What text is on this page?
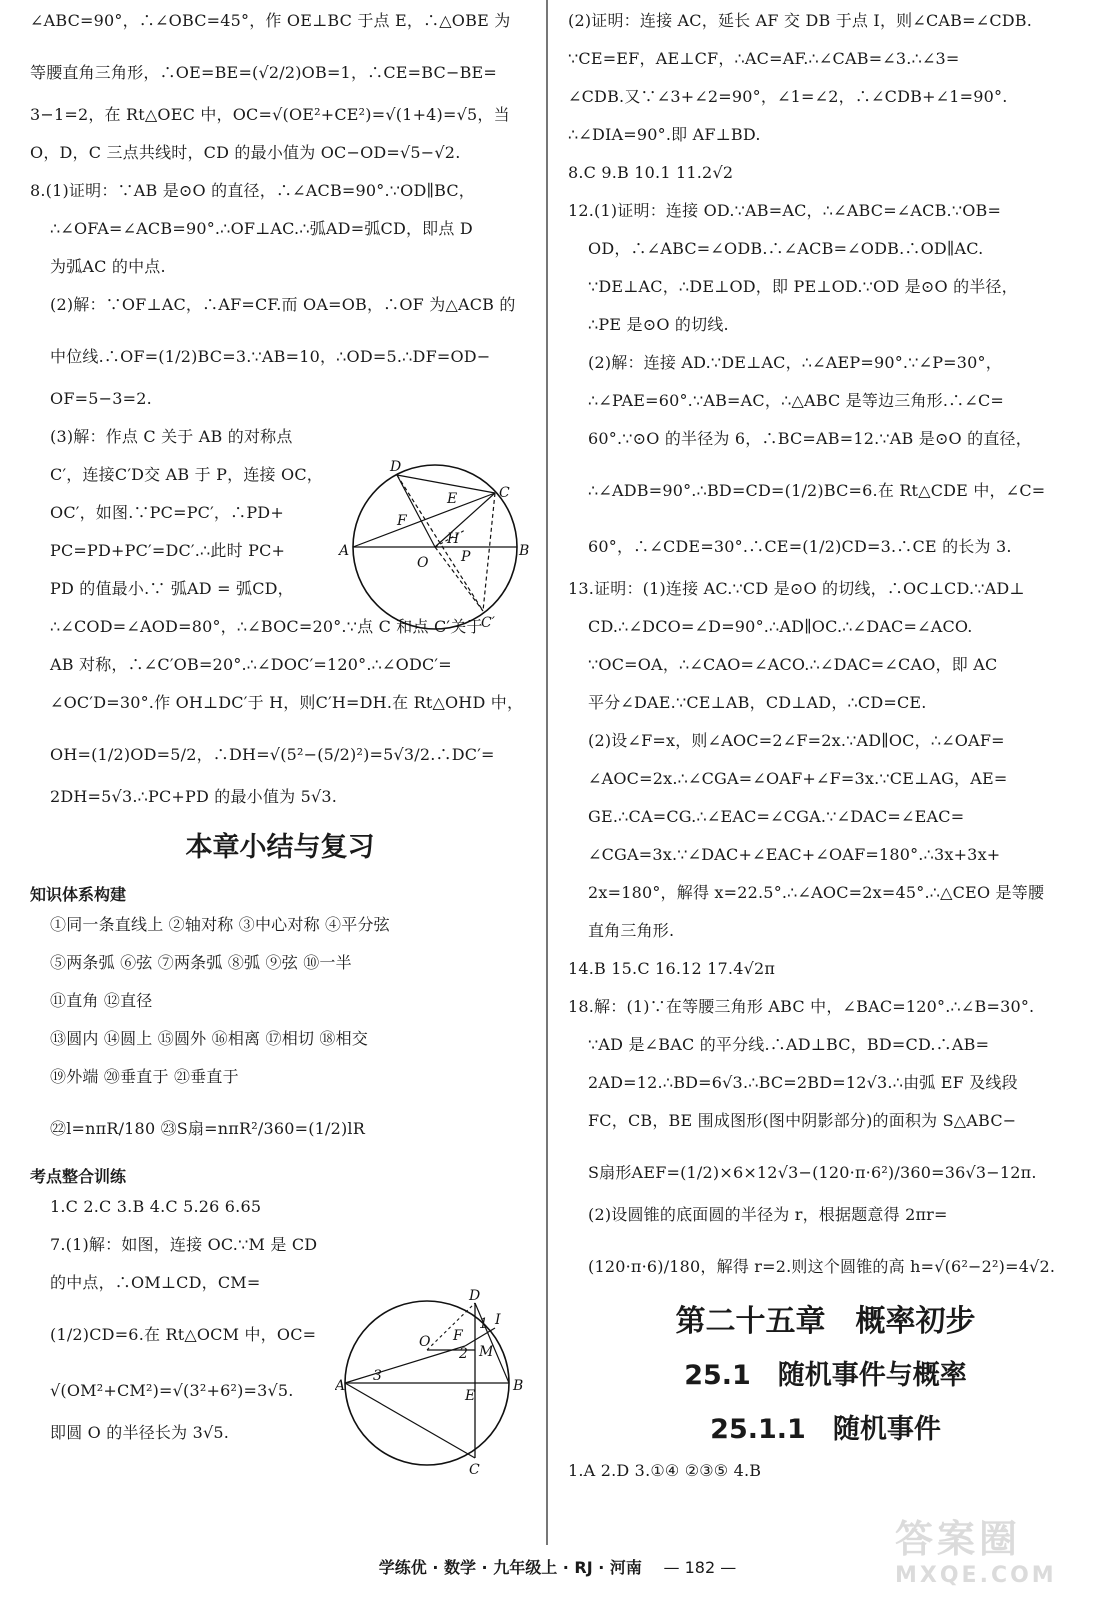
∠ABC=90°，∴∠OBC=45°，作 OE⊥BC 于点 E，∴△OBE 为
等腰直角三角形，∴OE=BE=(√2/2)OB=1，∴CE=BC−BE=
3−1=2，在 Rt△OEC 中，OC=√(OE²+CE²)=√(1+4)=√5，当
O，D，C 三点共线时，CD 的最小值为 OC−OD=√5−√2.
8.(1)证明：∵AB 是⊙O 的直径，∴∠ACB=90°.∵OD∥BC，
∴∠OFA=∠ACB=90°.∴OF⊥AC.∴弧AD=弧CD，即点 D
为弧AC 的中点.
(2)解：∵OF⊥AC，∴AF=CF.而 OA=OB，∴OF 为△ACB 的
中位线.∴OF=(1/2)BC=3.∵AB=10，∴OD=5.∴DF=OD−
OF=5−3=2.
(3)解：作点 C 关于 AB 的对称点
C′，连接C′D交 AB 于 P，连接 OC，
OC′，如图.∵PC=PC′，∴PD+
PC=PD+PC′=DC′.∴此时 PC+
PD 的值最小.∵ 弧AD = 弧CD，
∴∠COD=∠AOD=80°，∴∠BOC=20°.∵点 C 和点 C′关于
AB 对称，∴∠C′OB=20°.∴∠DOC′=120°.∴∠ODC′=
∠OC′D=30°.作 OH⊥DC′于 H，则C′H=DH.在 Rt△OHD 中，
OH=(1/2)OD=5/2，∴DH=√(5²−(5/2)²)=5√3/2.∴DC′=
2DH=5√3.∴PC+PD 的最小值为 5√3.
本章小结与复习
知识体系构建
①同一条直线上 ②轴对称 ③中心对称 ④平分弦
⑤两条弧 ⑥弦 ⑦两条弧 ⑧弧 ⑨弦 ⑩一半
⑪直角 ⑫直径
⑬圆内 ⑭圆上 ⑮圆外 ⑯相离 ⑰相切 ⑱相交
⑲外端 ⑳垂直于 ㉑垂直于
㉒l=nπR/180 ㉓S扇=nπR²/360=(1/2)lR
考点整合训练
1.C 2.C 3.B 4.C 5.26 6.65
7.(1)解：如图，连接 OC.∵M 是 CD
的中点，∴OM⊥CD，CM=
(1/2)CD=6.在 Rt△OCM 中，OC=
√(OM²+CM²)=√(3²+6²)=3√5.
即圆 O 的半径长为 3√5.
D
E	C
F
H
A
O P	B
C′
D
F
1
2
O
M
3
A
E
B
C
I
(2)证明：连接 AC，延长 AF 交 DB 于点 I，则∠CAB=∠CDB.
∵CE=EF，AE⊥CF，∴AC=AF.∴∠CAB=∠3.∴∠3=
∠CDB.又∵∠3+∠2=90°，∠1=∠2，∴∠CDB+∠1=90°.
∴∠DIA=90°.即 AF⊥BD.
8.C 9.B 10.1 11.2√2
12.(1)证明：连接 OD.∵AB=AC，∴∠ABC=∠ACB.∵OB=
OD，∴∠ABC=∠ODB.∴∠ACB=∠ODB.∴OD∥AC.
∵DE⊥AC，∴DE⊥OD，即 PE⊥OD.∵OD 是⊙O 的半径，
∴PE 是⊙O 的切线.
(2)解：连接 AD.∵DE⊥AC，∴∠AEP=90°.∵∠P=30°，
∴∠PAE=60°.∵AB=AC，∴△ABC 是等边三角形.∴∠C=
60°.∵⊙O 的半径为 6，∴BC=AB=12.∵AB 是⊙O 的直径，
∴∠ADB=90°.∴BD=CD=(1/2)BC=6.在 Rt△CDE 中，∠C=
60°，∴∠CDE=30°.∴CE=(1/2)CD=3.∴CE 的长为 3.
13.证明：(1)连接 AC.∵CD 是⊙O 的切线，∴OC⊥CD.∵AD⊥
CD.∴∠DCO=∠D=90°.∴AD∥OC.∴∠DAC=∠ACO.
∵OC=OA，∴∠CAO=∠ACO.∴∠DAC=∠CAO，即 AC
平分∠DAE.∵CE⊥AB，CD⊥AD，∴CD=CE.
(2)设∠F=x，则∠AOC=2∠F=2x.∵AD∥OC，∴∠OAF=
∠AOC=2x.∴∠CGA=∠OAF+∠F=3x.∵CE⊥AG，AE=
GE.∴CA=CG.∴∠EAC=∠CGA.∵∠DAC=∠EAC=
∠CGA=3x.∵∠DAC+∠EAC+∠OAF=180°.∴3x+3x+
2x=180°，解得 x=22.5°.∴∠AOC=2x=45°.∴△CEO 是等腰
直角三角形.
14.B 15.C 16.12 17.4√2π
18.解：(1)∵在等腰三角形 ABC 中，∠BAC=120°.∴∠B=30°.
∵AD 是∠BAC 的平分线.∴AD⊥BC，BD=CD.∴AB=
2AD=12.∴BD=6√3.∴BC=2BD=12√3.∴由弧 EF 及线段
FC，CB，BE 围成图形(图中阴影部分)的面积为 S△ABC−
S扇形AEF=(1/2)×6×12√3−(120·π·6²)/360=36√3−12π.
(2)设圆锥的底面圆的半径为 r，根据题意得 2πr=
(120·π·6)/180，解得 r=2.则这个圆锥的高 h=√(6²−2²)=4√2.
第二十五章　概率初步
25.1　随机事件与概率
25.1.1　随机事件
1.A 2.D 3.①④ ②③⑤ 4.B
学练优 · 数学 · 九年级上 · RJ · 河南 — 182 —
答案圈
MXQE.COM
